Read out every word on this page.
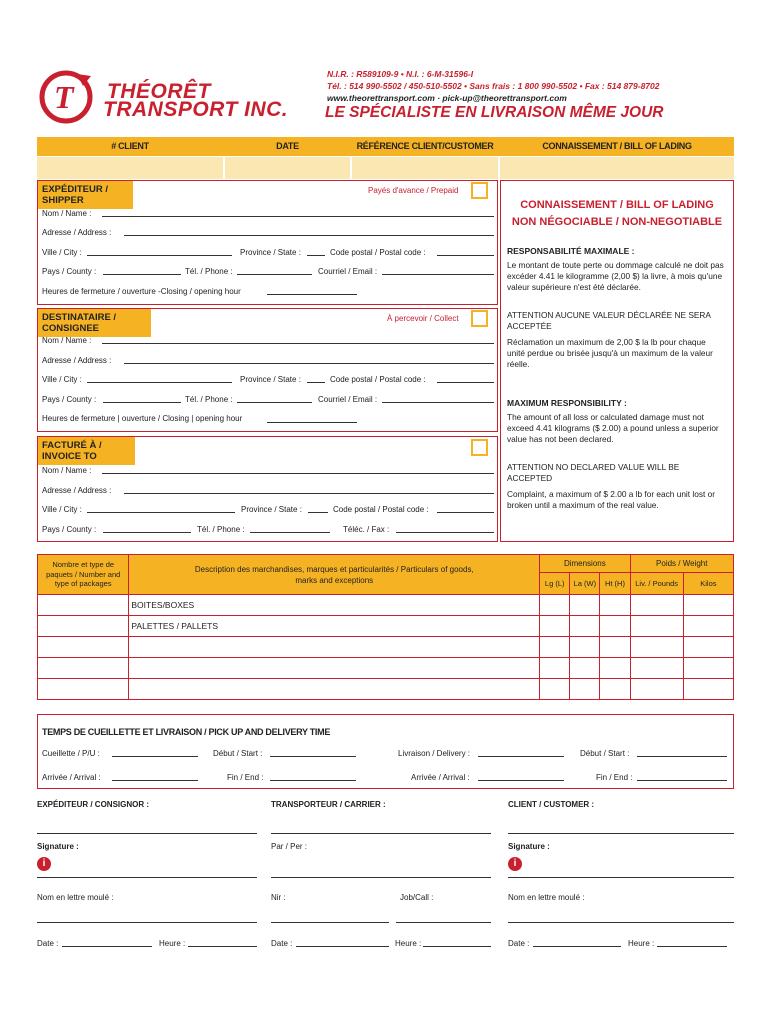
T THÉORÊT
TRANSPORT INC.
N.I.R. : R589109-9 • N.I. : 6-M-31596-I
Tél. : 514 990-5502 / 450-510-5502 • Sans frais : 1 800 990-5502 • Fax : 514 879-8702
www.theorettransport.com · pick-up@theorettransport.com
LE SPÉCIALISTE EN LIVRAISON MÊME JOUR
# CLIENT	DATE	RÉFÉRENCE CLIENT/CUSTOMER	CONNAISSEMENT / BILL OF LADING
EXPÉDITEUR / SHIPPER
Payés d'avance / Prepaid
Nom / Name :
Adresse / Address :
Ville / City :	Province / State :	Code postal / Postal code :
Pays / County :	Tél. / Phone :	Courriel / Email :
Heures de fermeture / ouverture -Closing / opening hour
DESTINATAIRE / CONSIGNEE
À percevoir / Collect
Nom / Name :
Adresse / Address :
Ville / City :	Province / State :	Code postal / Postal code :
Pays / County :	Tél. / Phone :	Courriel / Email :
Heures de fermeture | ouverture / Closing | opening hour
FACTURÉ À / INVOICE TO
Nom / Name :
Adresse / Address :
Ville / City :	Province / State :	Code postal / Postal code :
Pays / County :	Tél. / Phone :	Téléc. / Fax :
CONNAISSEMENT / BILL OF LADING
NON NÉGOCIABLE / NON-NEGOTIABLE
RESPONSABILITÉ MAXIMALE :
Le montant de toute perte ou dommage calculé ne doit pas excéder 4.41 le kilogramme (2,00 $) la livre, à mois qu'une valeur supérieure n'est été déclarée.
ATTENTION AUCUNE VALEUR DÉCLARÉE NE SERA ACCEPTÉE
Réclamation un maximum de 2,00 $ la lb pour chaque unité perdue ou brisée jusqu'à un maximum de la valeur réelle.
MAXIMUM RESPONSIBILITY :
The amount of all loss or calculated damage must not exceed 4.41 kilograms ($ 2.00) a pound unless a superior value has not been declared.
ATTENTION NO DECLARED VALUE WILL BE ACCEPTED
Complaint, a maximum of $ 2.00 a lb for each unit lost or broken until a maximum of the real value.
Nombre et type de paquets / Number and type of packages	Description des marchandises, marques et particularités / Particulars of goods, marks and exceptions	Dimensions			Poids / Weight	
		Lg (L)	La (W)	Ht (H)	Liv. / Pounds	Kilos
	BOITES/BOXES					
	PALETTES / PALLETS					

TEMPS DE CUEILLETTE ET LIVRAISON / PICK UP AND DELIVERY TIME
Cueillette / P/U :	Début / Start :	Livraison / Delivery :	Début / Start :
Arrivée / Arrival :	Fin / End :	Arrivée / Arrival :	Fin / End :
EXPÉDITEUR / CONSIGNOR :	TRANSPORTEUR / CARRIER :	CLIENT / CUSTOMER :
Signature :	Par / Per :	Signature :
i	i
Nom en lettre moulé :	Nir :	Job/Call :	Nom en lettre moulé :
Date :	Heure :	Date :	Heure :	Date :	Heure :
